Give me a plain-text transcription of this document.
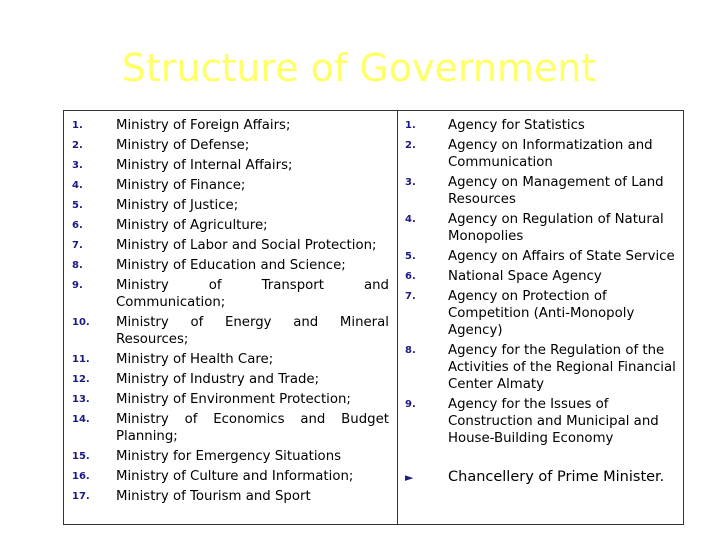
Structure of Government
1.	Ministry of Foreign Affairs;
2.	Ministry of Defense;
3.	Ministry of Internal Affairs;
4.	Ministry of Finance;
5.	Ministry of Justice;
6.	Ministry of Agriculture;
7.	Ministry of Labor and Social Protection;
8.	Ministry of Education and Science;
9.	Ministry of Transport and Communication;
10.	Ministry of Energy and Mineral Resources;
11.	Ministry of Health Care;
12.	Ministry of Industry and Trade;
13.	Ministry of Environment Protection;
14.	Ministry of Economics and Budget Planning;
15.	Ministry for Emergency Situations
16.	Ministry of Culture and Information;
17.	Ministry of Tourism and Sport
1.	Agency for Statistics
2.	Agency on Informatization and Communication
3.	Agency on Management of Land Resources
4.	Agency on Regulation of Natural Monopolies
5.	Agency on Affairs of State Service
6.	National Space Agency
7.	Agency on Protection of Competition (Anti-Monopoly Agency)
8.	Agency for the Regulation of the Activities of the Regional Financial Center Almaty
9.	Agency for the Issues of Construction and Municipal and House-Building Economy
►	Chancellery of Prime Minister.
